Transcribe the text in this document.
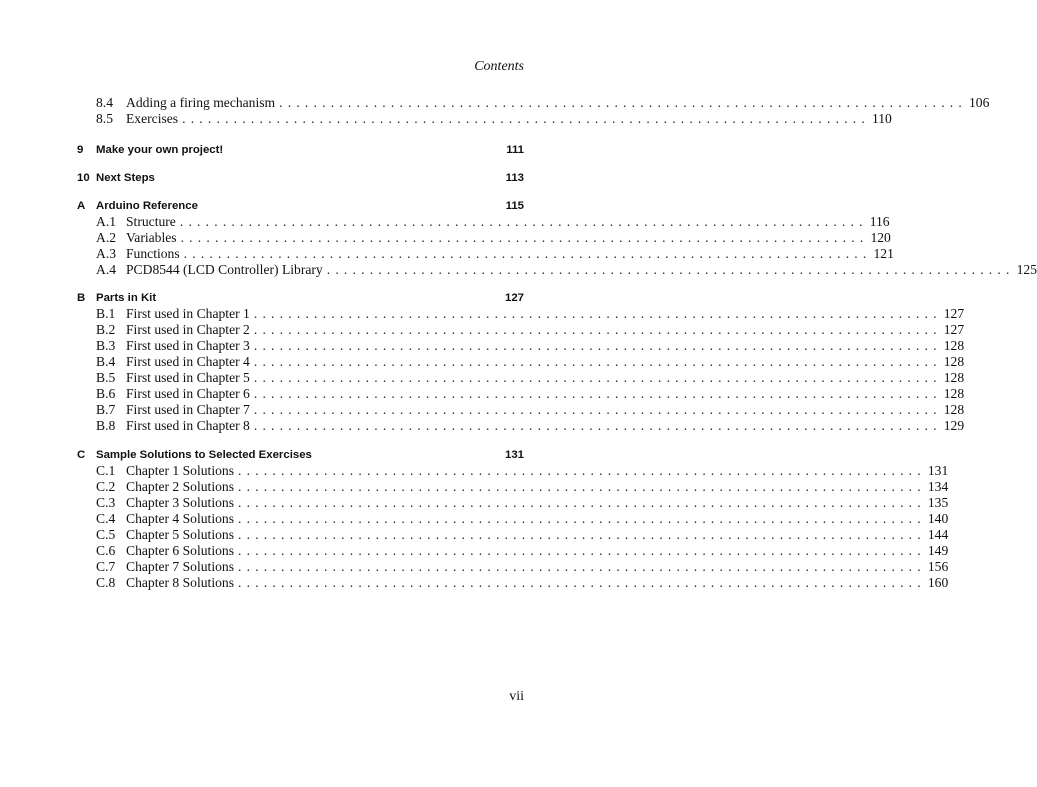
Contents
8.4 Adding a firing mechanism ................................................................................ 106
8.5 Exercises ................................................................................ 110
9	Make your own project!	111
10 Next Steps	113
A Arduino Reference	115
A.1 Structure ................................................................................ 116
A.2 Variables ................................................................................ 120
A.3 Functions ................................................................................ 121
A.4 PCD8544 (LCD Controller) Library ................................................................................ 125
B Parts in Kit	127
B.1 First used in Chapter 1 ................................................................................ 127
B.2 First used in Chapter 2 ................................................................................ 127
B.3 First used in Chapter 3 ................................................................................ 128
B.4 First used in Chapter 4 ................................................................................ 128
B.5 First used in Chapter 5 ................................................................................ 128
B.6 First used in Chapter 6 ................................................................................ 128
B.7 First used in Chapter 7 ................................................................................ 128
B.8 First used in Chapter 8 ................................................................................ 129
C Sample Solutions to Selected Exercises	131
C.1 Chapter 1 Solutions ................................................................................ 131
C.2 Chapter 2 Solutions ................................................................................ 134
C.3 Chapter 3 Solutions ................................................................................ 135
C.4 Chapter 4 Solutions ................................................................................ 140
C.5 Chapter 5 Solutions ................................................................................ 144
C.6 Chapter 6 Solutions ................................................................................ 149
C.7 Chapter 7 Solutions ................................................................................ 156
C.8 Chapter 8 Solutions ................................................................................ 160
vii
